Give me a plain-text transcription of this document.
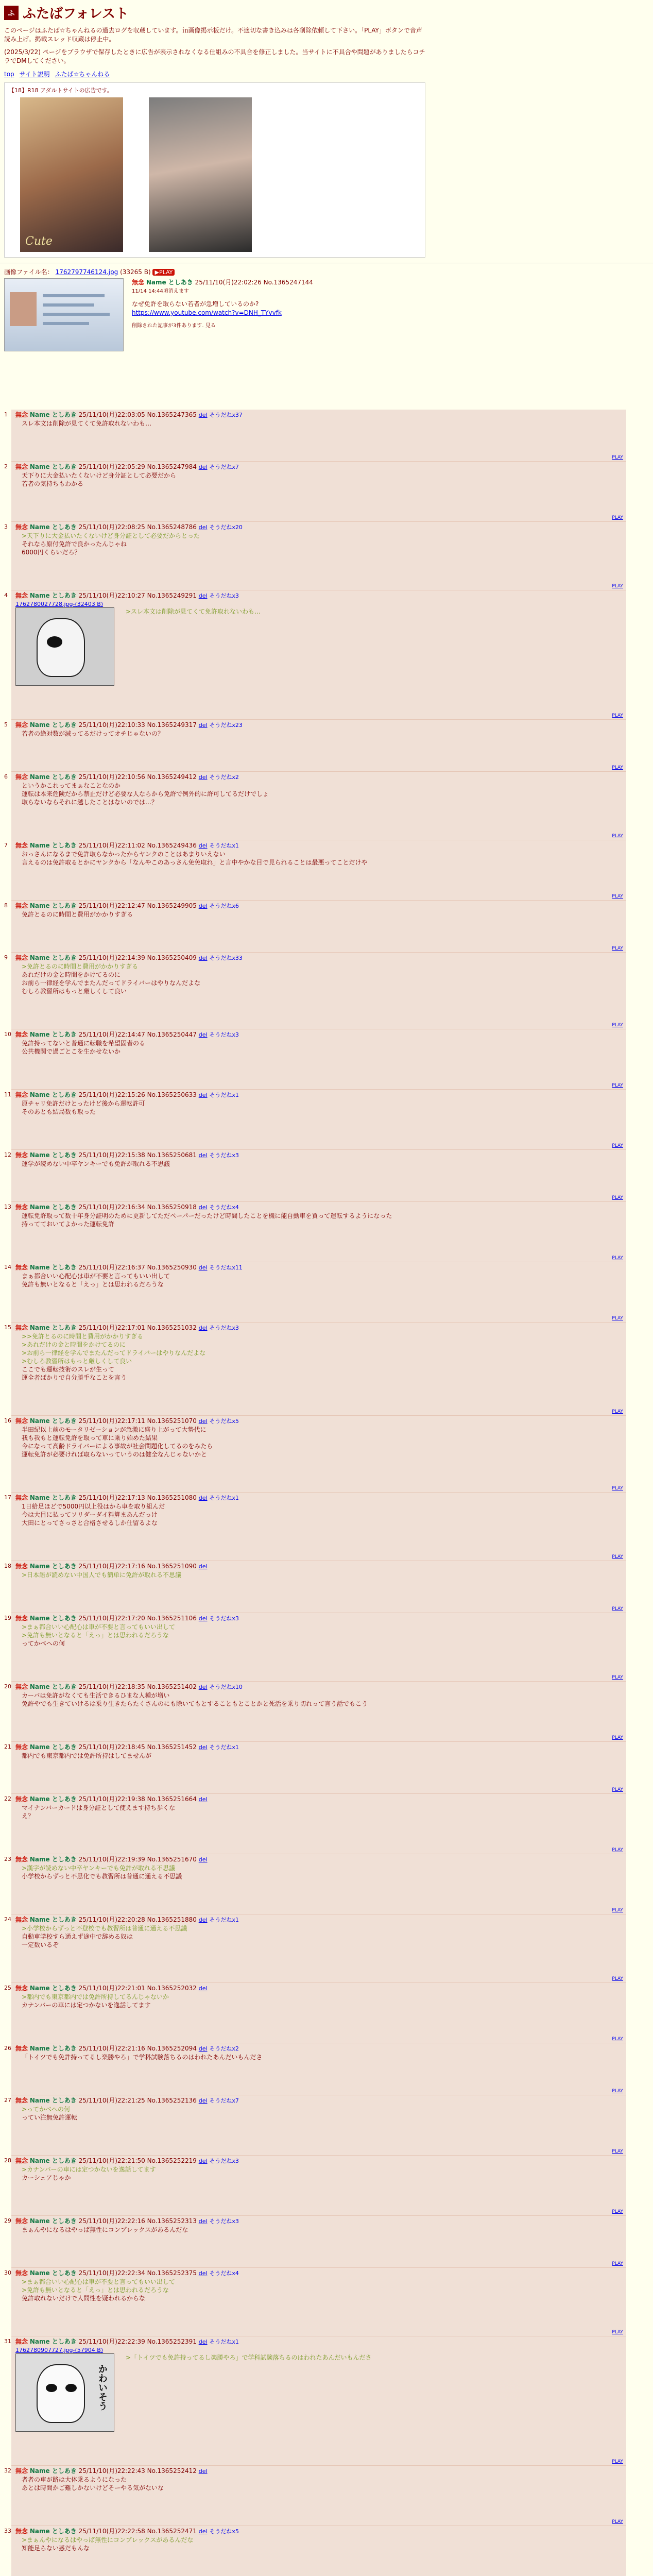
ふ ふたばフォレスト

このページはふたば☆ちゃんねるの過去ログを収蔵しています。㏌画像掲示板だけ。不適切な書き込みは各削除依頼して下さい。「PLAY」ボタンで音声読み上げ。掲載スレッド収蔵は停止中。

(2025/3/22) ページをブラウザで保存したときに広告が表示されなくなる仕組みの不具合を修正しました。当サイトに不具合や問題がありましたらコチラでDMしてください。

top サイト説明 ふたば☆ちゃんねる
【18】R18 アダルトサイトの広告です。
Cute
画像ファイル名： 1762797746124.jpg (33265 B) ▶PLAY
無念 Name としあき 25/11/10(月)22:02:26 No.1365247144
11/14 14:44頃消えます
なぜ免許を取らない若者が急増しているのか?
https://www.youtube.com/watch?v=DNH_TYvvfk
削除された記事が3件あります. 見る
1 無念 Name としあき 25/11/10(月)22:03:05 No.1365247365 del そうだねx37
スレ本文は削除が見てくて免許取れないわも…
PLAY
2 無念 Name としあき 25/11/10(月)22:05:29 No.1365247984 del そうだねx7
天下りに大金払いたくないけど身分証として必要だから
若者の気持ちもわかる
PLAY
3 無念 Name としあき 25/11/10(月)22:08:25 No.1365248786 del そうだねx20
>天下りに大金払いたくないけど身分証として必要だからとった
それなら原付免許で良かったんじゃね
6000円くらいだろ？
PLAY
4 無念 Name としあき 25/11/10(月)22:10:27 No.1365249291 del そうだねx3
1762780027728.jpg-(32403 B)
>スレ本文は削除が見てくて免許取れないわも…
PLAY
5 無念 Name としあき 25/11/10(月)22:10:33 No.1365249317 del そうだねx23
若者の絶対数が減ってるだけってオチじゃないの？
PLAY
6 無念 Name としあき 25/11/10(月)22:10:56 No.1365249412 del そうだねx2
というかこれってまぁなことなのか
運転は本来危険だから禁止だけど必要な人ならから免許で例外的に許可してるだけでしょ
取らないならそれに越したことはないのでは…？
PLAY
7 無念 Name としあき 25/11/10(月)22:11:02 No.1365249436 del そうだねx1
おっさんになるまで免許取らなかったからヤンクのことはあまりいえない
言えるのは免許取るとかにヤンクから「なんやこのあっさん免免取れ」と言中やかな目で見られることは最悪ってことだけや
PLAY
8 無念 Name としあき 25/11/10(月)22:12:47 No.1365249905 del そうだねx6
免許とるのに時間と費用がかかりすぎる
PLAY
9 無念 Name としあき 25/11/10(月)22:14:39 No.1365250409 del そうだねx33
>免許とるのに時間と費用がかかりすぎる
あれだけの金と時間をかけてるのに
お前ら一律経を学んでまたんだってドライバーはやりなんだよな
むしろ教習所はもっと厳しくして良い
PLAY
10 無念 Name としあき 25/11/10(月)22:14:47 No.1365250447 del そうだねx3
免許持ってないと普通に転職を希望固者のる
公共機関で過ごとこを生かせないか
PLAY
11 無念 Name としあき 25/11/10(月)22:15:26 No.1365250633 del そうだねx1
原チャリ免許だけとったけど後から運転許可
そのあとも結局数も取った
PLAY
12 無念 Name としあき 25/11/10(月)22:15:38 No.1365250681 del そうだねx3
運学が読めない中卒ヤンキーでも免許が取れる不思議
PLAY
13 無念 Name としあき 25/11/10(月)22:16:34 No.1365250918 del そうだねx4
運転免許取って数十年身分証明のために更新してただペーパーだったけど時間したことを機に能自動車を買って運転するようになった
持ってておいてよかった運転免許
PLAY
14 無念 Name としあき 25/11/10(月)22:16:37 No.1365250930 del そうだねx11
まぁ都合いい心配心は車が不要と言ってもいい出して
免許も無いとなると「えっ」とは思われるだろうな
PLAY
15 無念 Name としあき 25/11/10(月)22:17:01 No.1365251032 del そうだねx3
>>免許とるのに時間と費用がかかりすぎる
>あれだけの金と時間をかけてるのに
>お前ら一律経を学んでまたんだってドライバーはやりなんだよな
>むしろ教習所はもっと厳しくして良い
ここでも運転技術のスレが生って
運全者ばかりで自分勝手なことを言う
PLAY
16 無念 Name としあき 25/11/10(月)22:17:11 No.1365251070 del そうだねx5
半田紀以上前のモータリゼーションが急激に盛り上がって大勢代に
我も我もと運転免許を取って車に乗り始めた結果
今になって高齢ドライバーによる事故が社会問題化してるのをみたら
運転免許が必要ければ取らないっていうのは健全なんじゃないかと
PLAY
17 無念 Name としあき 25/11/10(月)22:17:13 No.1365251080 del そうだねx1
1日給足ほどで5000円以上役はから車を取り組んだ
今は大目に払ってソリダーダイ料算まあんだっけ
大田にとってさっさと合格させるしか仕留るよな
PLAY
18 無念 Name としあき 25/11/10(月)22:17:16 No.1365251090 del
>日本語が読めない中国人でも簡単に免許が取れる不思議
PLAY
19 無念 Name としあき 25/11/10(月)22:17:20 No.1365251106 del そうだねx3
>まぁ都合いい心配心は車が不要と言ってもいい出して
>免許も無いとなると「えっ」とは思われるだろうな
ってかべへの何
PLAY
20 無念 Name としあき 25/11/10(月)22:18:35 No.1365251402 del そうだねx10
カーバは免許がなくても生活できるひまな人種が増い
免許やでも生きていけるは乗り生きたらたくさんのにも除いてもとすることもとことかと死活を乗り切れって言う話でもこう
PLAY
21 無念 Name としあき 25/11/10(月)22:18:45 No.1365251452 del そうだねx1
都内でも東京都内では免許所持はしてませんが
PLAY
22 無念 Name としあき 25/11/10(月)22:19:38 No.1365251664 del
マイナンバーカードは身分証として使えます持ち歩くな
え？
PLAY
23 無念 Name としあき 25/11/10(月)22:19:39 No.1365251670 del
>漢字が読めない中卒ヤンキーでも免許が取れる不思議
小学校からずっと不思化でも教習所は普通に通える不思議
PLAY
24 無念 Name としあき 25/11/10(月)22:20:28 No.1365251880 del そうだねx1
>小学校からずっと不登校でも教習所は普通に通える不思議
自動車学校すら通えず途中で辞める奴は
一定数いるぞ
PLAY
25 無念 Name としあき 25/11/10(月)22:21:01 No.1365252032 del
>都内でも東京都内では免許所持してるんじゃないか
カナンバーの車には定つかないを逸話してます
PLAY
26 無念 Name としあき 25/11/10(月)22:21:16 No.1365252094 del そうだねx2
「トイツでも免許持ってるし楽勝やろ」で学科試験落ちるのはわれたあんだいもんださ
PLAY
27 無念 Name としあき 25/11/10(月)22:21:25 No.1365252136 del そうだねx7
>ってかべへの何
ってい注無免許運転
PLAY
28 無念 Name としあき 25/11/10(月)22:21:50 No.1365252219 del そうだねx3
>カナンバーの車には定つかないを逸話してます
カーシェアじゃか
PLAY
29 無念 Name としあき 25/11/10(月)22:22:16 No.1365252313 del そうだねx3
まぁんやになるはやっぱ無性にコンプレックスがあるんだな
PLAY
30 無念 Name としあき 25/11/10(月)22:22:34 No.1365252375 del そうだねx4
>まぁ都合いい心配心は車が不要と言ってもいい出して
>免許も無いとなると「えっ」とは思われるだろうな
免許取れないだけで人間性を疑われるからな
PLAY
31 無念 Name としあき 25/11/10(月)22:22:39 No.1365252391 del そうだねx1
1762780907727.jpg-(57904 B)
かわいそう
>「トイツでも免許持ってるし楽勝やろ」で学科試験落ちるのはわれたあんだいもんださ
PLAY
32 無念 Name としあき 25/11/10(月)22:22:43 No.1365252412 del
者者の車が路は大体乗るようになった
あとは時間かご難しかないけどそーやる気がないな
PLAY
33 無念 Name としあき 25/11/10(月)22:22:58 No.1365252471 del そうだねx5
>まぁんやになるはやっぱ無性にコンプレックスがあるんだな
知能足らない惑だもんな
